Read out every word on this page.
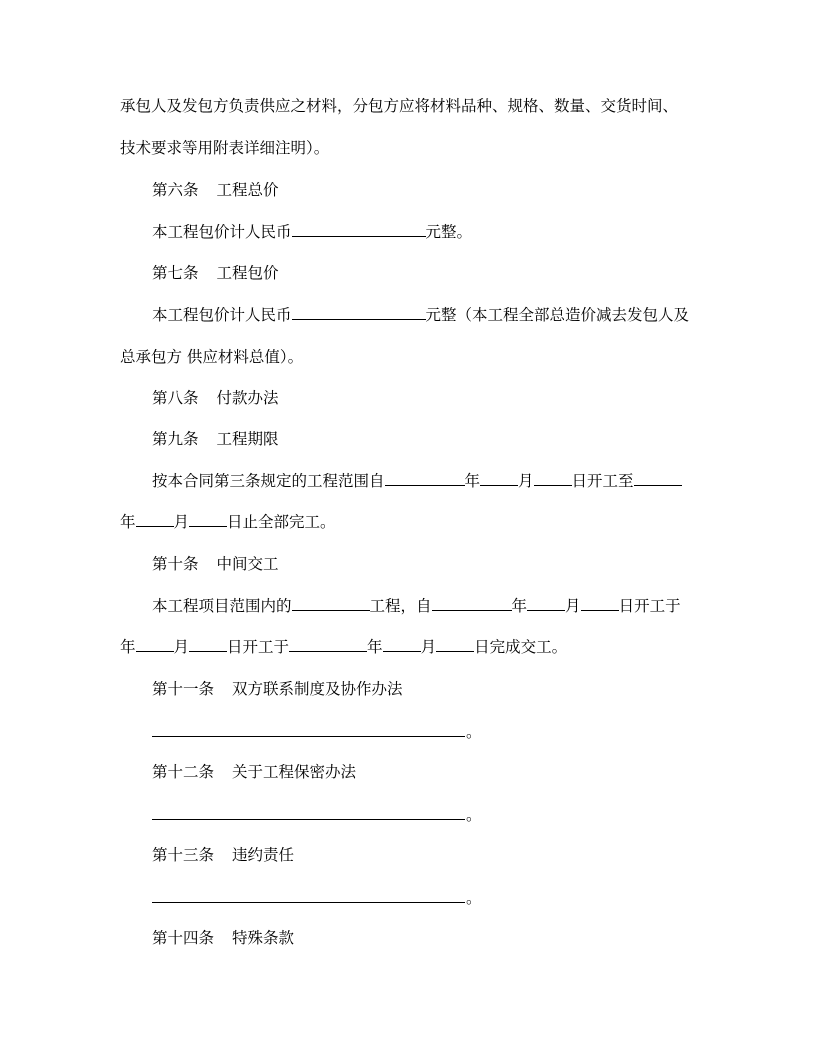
承包人及发包方负责供应之材料，分包方应将材料品种、规格、数量、交货时间、
技术要求等用附表详细注明）。
第六条 工程总价
本工程包价计人民币	元整。
第七条 工程包价
本工程包价计人民币	元整（本工程全部总造价减去发包人及
总承包方 供应材料总值）。
第八条 付款办法
第九条 工程期限
按本合同第三条规定的工程范围自	年 月 日开工至
年 月 日止全部完工。
第十条 中间交工
本工程项目范围内的	工程，自	年 月 日开工于
年 月 日开工于	年 月 日完成交工。
第十一条 双方联系制度及协作办法
。
第十二条 关于工程保密办法
。
第十三条 违约责任
。
第十四条 特殊条款
